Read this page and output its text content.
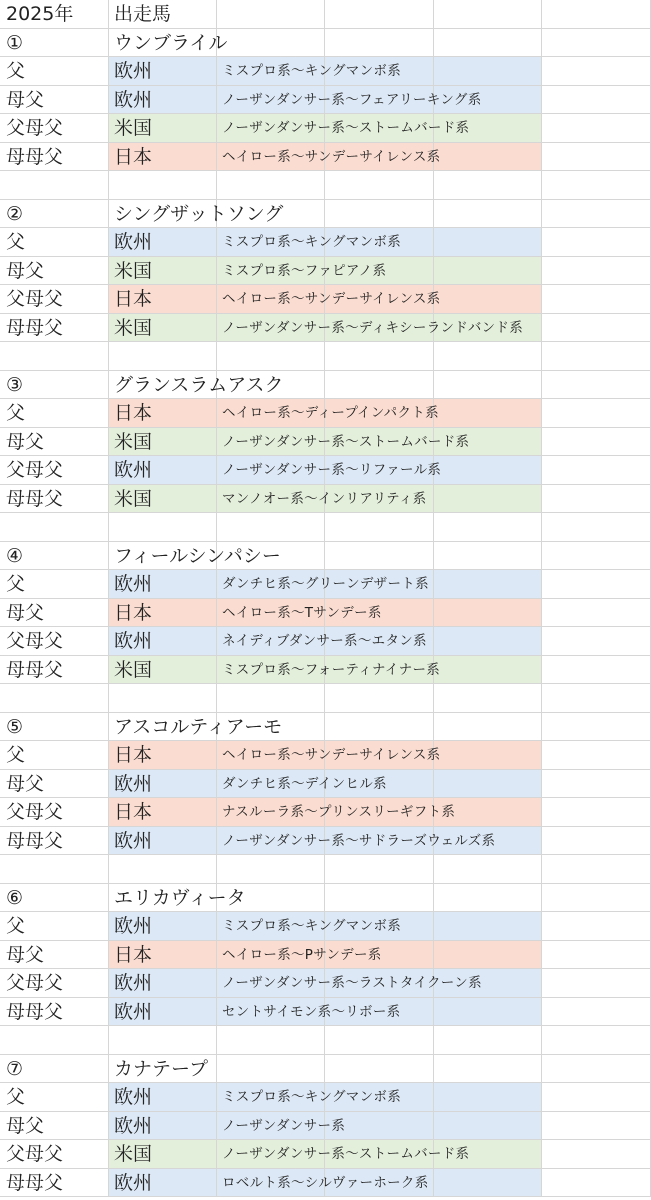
2025年 出走馬
①	ウンブライル
父	欧州	ミスプロ系〜キングマンボ系
母父	欧州	ノーザンダンサー系〜フェアリーキング系
父母父	米国	ノーザンダンサー系〜ストームバード系
母母父	日本	ヘイロー系〜サンデーサイレンス系
②	シングザットソング
父	欧州	ミスプロ系〜キングマンボ系
母父	米国	ミスプロ系〜ファピアノ系
父母父	日本	ヘイロー系〜サンデーサイレンス系
母母父	米国	ノーザンダンサー系〜ディキシーランドバンド系
③	グランスラムアスク
父	日本	ヘイロー系〜ディープインパクト系
母父	米国	ノーザンダンサー系〜ストームバード系
父母父	欧州	ノーザンダンサー系〜リファール系
母母父	米国	マンノオー系〜インリアリティ系
④	フィールシンパシー
父	欧州	ダンチヒ系〜グリーンデザート系
母父	日本	ヘイロー系〜Tサンデー系
父母父	欧州	ネイディブダンサー系〜エタン系
母母父	米国	ミスプロ系〜フォーティナイナー系
⑤	アスコルティアーモ
父	日本	ヘイロー系〜サンデーサイレンス系
母父	欧州	ダンチヒ系〜デインヒル系
父母父	日本	ナスルーラ系〜プリンスリーギフト系
母母父	欧州	ノーザンダンサー系〜サドラーズウェルズ系
⑥	エリカヴィータ
父	欧州	ミスプロ系〜キングマンボ系
母父	日本	ヘイロー系〜Pサンデー系
父母父	欧州	ノーザンダンサー系〜ラストタイクーン系
母母父	欧州	セントサイモン系〜リボー系
⑦	カナテープ
父	欧州	ミスプロ系〜キングマンボ系
母父	欧州	ノーザンダンサー系
父母父	米国	ノーザンダンサー系〜ストームバード系
母母父	欧州	ロベルト系〜シルヴァーホーク系
